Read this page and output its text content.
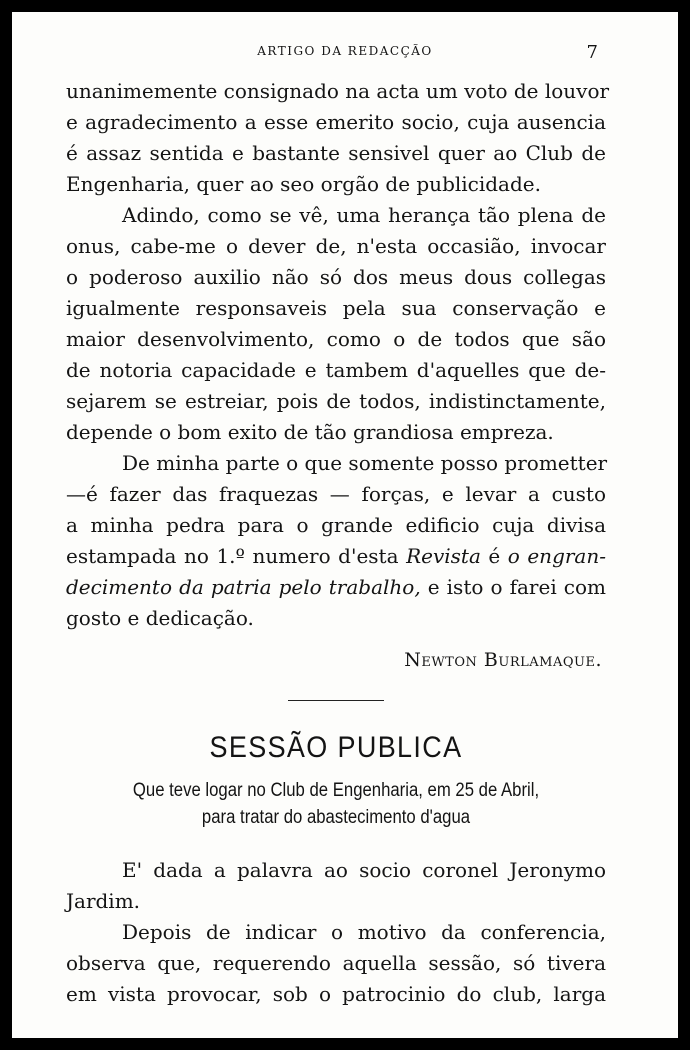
ARTIGO DA REDACÇÃO	7
unanimemente consignado na acta um voto de louvor
e agradecimento a esse emerito socio, cuja ausencia
é assaz sentida e bastante sensivel quer ao Club de
Engenharia, quer ao seo orgão de publicidade.
Adindo, como se vê, uma herança tão plena de
onus, cabe-me o dever de, n'esta occasião, invocar
o poderoso auxilio não só dos meus dous collegas
igualmente responsaveis pela sua conservação e
maior desenvolvimento, como o de todos que são
de notoria capacidade e tambem d'aquelles que de-
sejarem se estreiar, pois de todos, indistinctamente,
depende o bom exito de tão grandiosa empreza.
De minha parte o que somente posso prometter
—é fazer das fraquezas — forças, e levar a custo
a minha pedra para o grande edificio cuja divisa
estampada no 1.º numero d'esta Revista é o engran-
decimento da patria pelo trabalho, e isto o farei com
gosto e dedicação.
Newton Burlamaque.
SESSÃO PUBLICA
Que teve logar no Club de Engenharia, em 25 de Abril,
para tratar do abastecimento d'agua
E' dada a palavra ao socio coronel Jeronymo
Jardim.
Depois de indicar o motivo da conferencia,
observa que, requerendo aquella sessão, só tivera
em vista provocar, sob o patrocinio do club, larga
